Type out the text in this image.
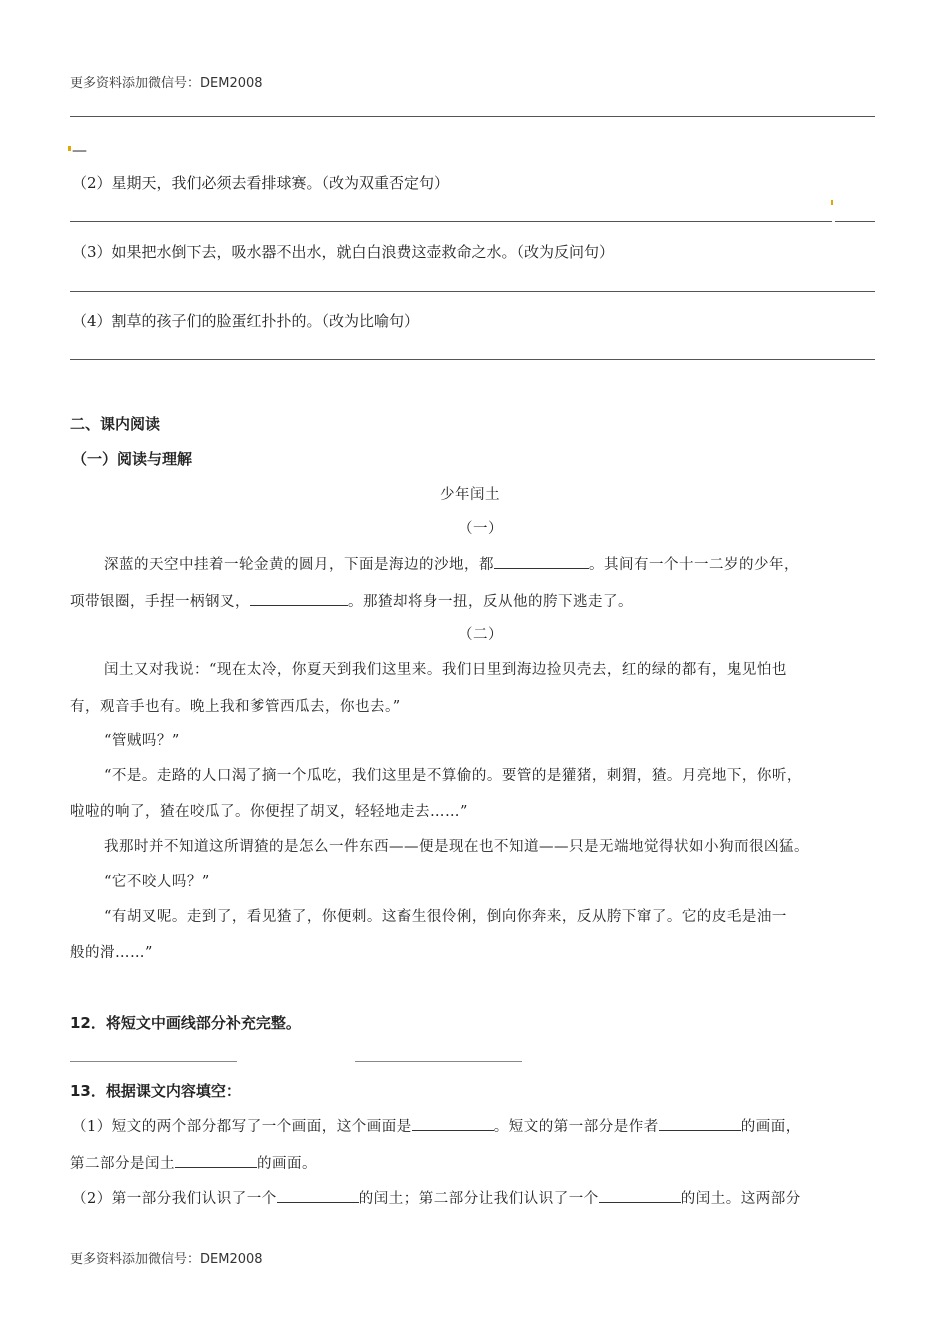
更多资料添加微信号：DEM2008
—
（2）星期天，我们必须去看排球赛。（改为双重否定句）
（3）如果把水倒下去，吸水器不出水，就白白浪费这壶救命之水。（改为反问句）
（4）割草的孩子们的脸蛋红扑扑的。（改为比喻句）
二、课内阅读
（一）阅读与理解
少年闰土
（一）
深蓝的天空中挂着一轮金黄的圆月，下面是海边的沙地，都	。其间有一个十一二岁的少年，
项带银圈，手捏一柄钢叉，	。那猹却将身一扭，反从他的胯下逃走了。
（二）
闰土又对我说：“现在太冷，你夏天到我们这里来。我们日里到海边捡贝壳去，红的绿的都有，鬼见怕也
有，观音手也有。晚上我和爹管西瓜去，你也去。”
“管贼吗？”
“不是。走路的人口渴了摘一个瓜吃，我们这里是不算偷的。要管的是獾猪，刺猬，猹。月亮地下，你听，
啦啦的响了，猹在咬瓜了。你便捏了胡叉，轻轻地走去……”
我那时并不知道这所谓猹的是怎么一件东西——便是现在也不知道——只是无端地觉得状如小狗而很凶猛。
“它不咬人吗？”
“有胡叉呢。走到了，看见猹了，你便刺。这畜生很伶俐，倒向你奔来，反从胯下窜了。它的皮毛是油一
般的滑……”
12．将短文中画线部分补充完整。
13．根据课文内容填空：
（1）短文的两个部分都写了一个画面，这个画面是	。短文的第一部分是作者	的画面，
第二部分是闰土	的画面。
（2）第一部分我们认识了一个	的闰土；第二部分让我们认识了一个	的闰土。这两部分
更多资料添加微信号：DEM2008
